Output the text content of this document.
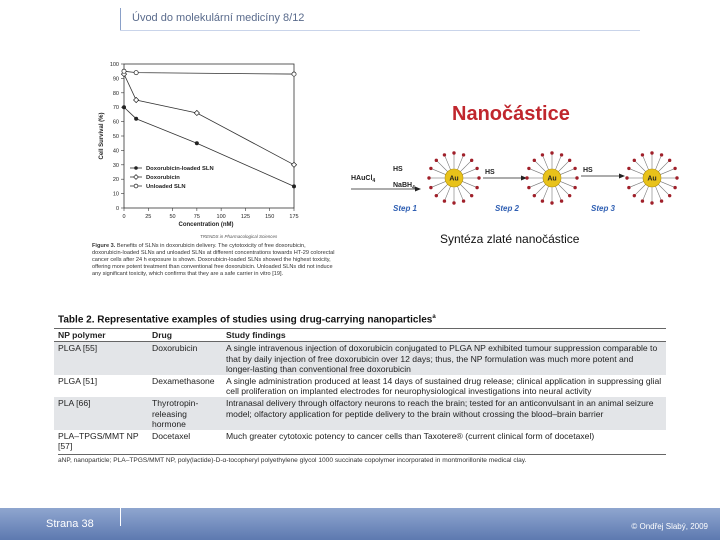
Úvod do molekulární medicíny 8/12
Nanočástice
0
10
20
30
40
50
60
70
80
90
100
0	25	50	75	100	125	150	175
Doxorubicin-loaded SLN
Doxorubicin
Unloaded SLN
Concentration (nM)
Cell Survival (%)
TRENDS in Pharmacological Sciences
Figure 3. Benefits of SLNs in doxorubicin delivery. The cytotoxicity of free doxorubicin, doxorubicin-loaded SLNs and unloaded SLNs at different concentrations towards HT-29 colorectal cancer cells after 24 h exposure is shown. Doxorubicin-loaded SLNs showed the highest toxicity, offering more potent treatment than conventional free doxorubicin. Unloaded SLNs did not induce any significant toxicity, which confirms that they are a safe carrier in vitro [19].
HAuCl$_4$
HS
NaBH$_4$
Au
HS
Au
HS
Au
Step 1	Step 2	Step 3
Syntéza zlaté nanočástice
Table 2. Representative examples of studies using drug-carrying nanoparticles$^a$
NP polymer	Drug	Study findings
PLGA [55]	Doxorubicin	A single intravenous injection of doxorubicin conjugated to PLGA NP exhibited tumour suppression comparable to that by daily injection of free doxorubicin over 12 days; thus, the NP formulation was much more potent and longer-lasting than conventional free doxorubicin
PLGA [51]	Dexamethasone	A single administration produced at least 14 days of sustained drug release; clinical application in suppressing glial cell proliferation on implanted electrodes for neurophysiological investigations into neural activity
PLA [66]	Thyrotropin-releasing hormone	Intranasal delivery through olfactory neurons to reach the brain; tested for an anticonvulsant in an animal seizure model; olfactory application for peptide delivery to the brain without crossing the blood–brain barrier
PLA–TPGS/MMT NP [57]	Docetaxel	Much greater cytotoxic potency to cancer cells than Taxotere® (current clinical form of docetaxel)
aNP, nanoparticle; PLA–TPGS/MMT NP, poly(lactide)-D-α-tocopheryl polyethylene glycol 1000 succinate copolymer incorporated in montmorillonite medical clay.
Strana 38	© Ondřej Slabý, 2009
